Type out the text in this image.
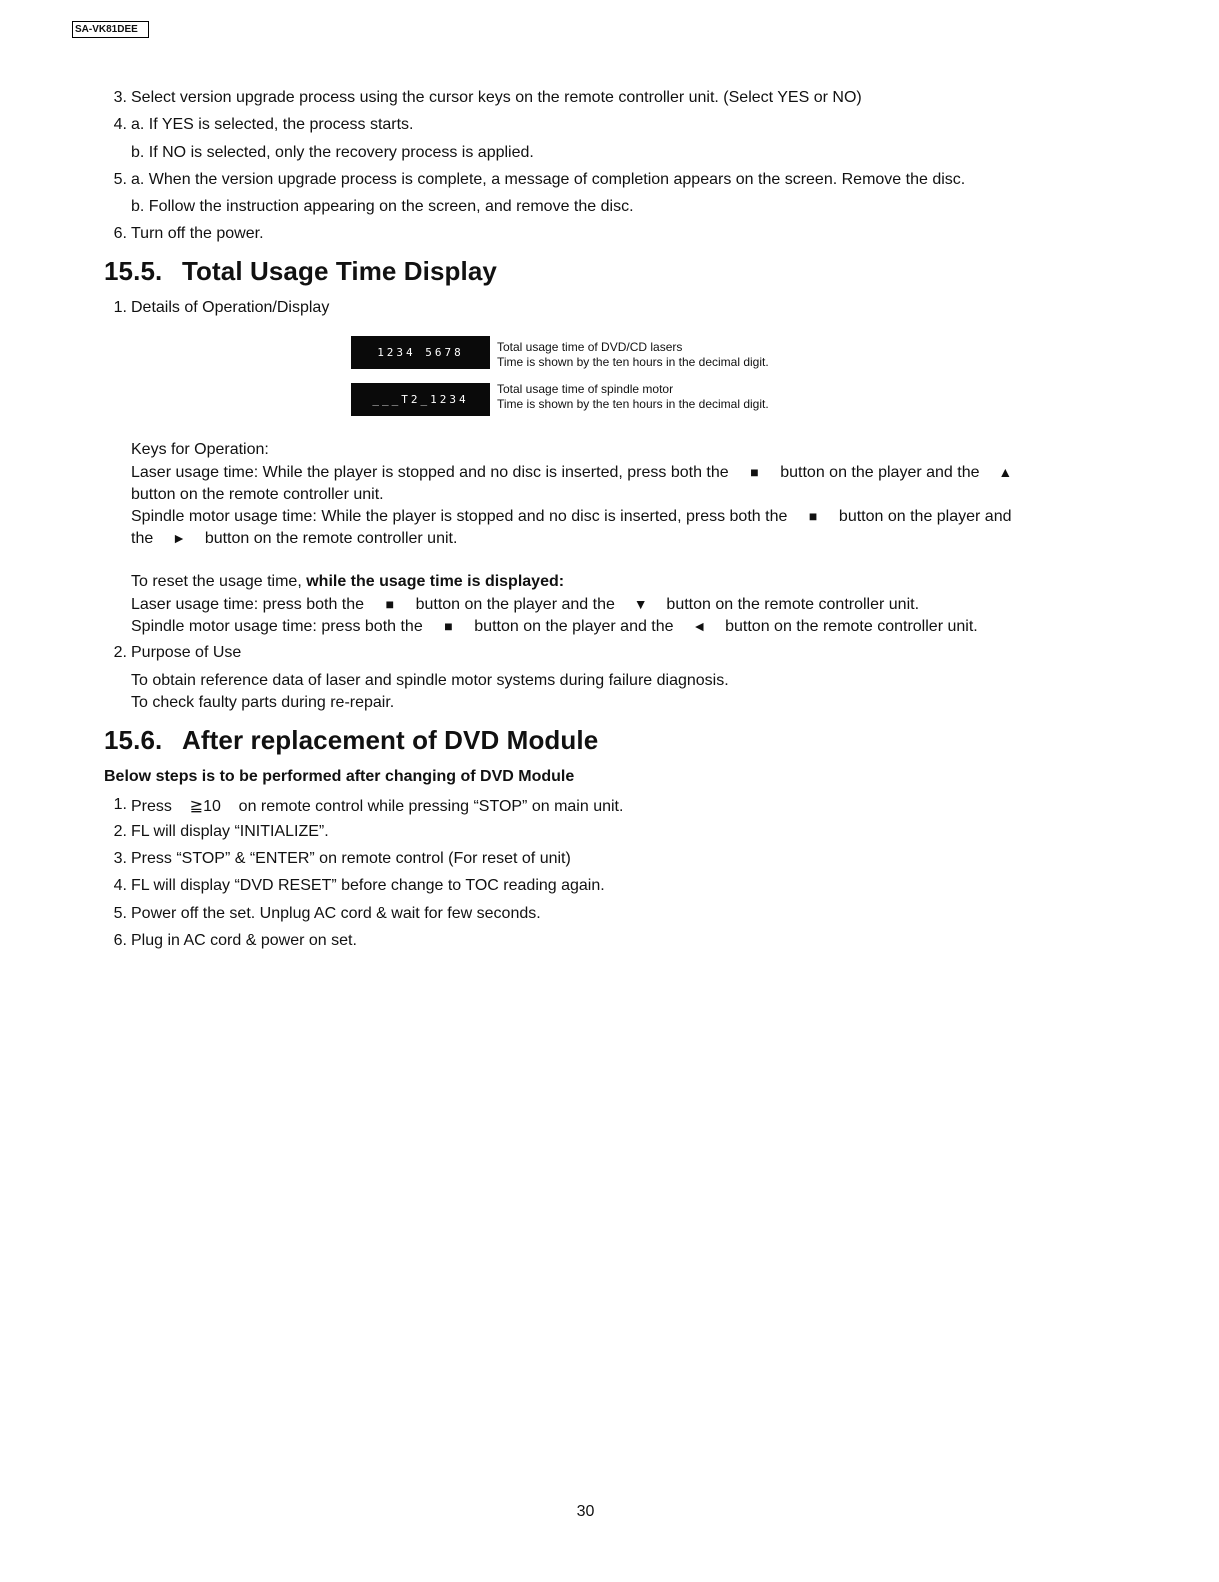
SA-VK81DEE
3. Select version upgrade process using the cursor keys on the remote controller unit. (Select YES or NO)
4. a. If YES is selected, the process starts.
b. If NO is selected, only the recovery process is applied.
5. a. When the version upgrade process is complete, a message of completion appears on the screen. Remove the disc.
b. Follow the instruction appearing on the screen, and remove the disc.
6. Turn off the power.
15.5. Total Usage Time Display
1. Details of Operation/Display
1234 5678	Total usage time of DVD/CD lasers
Time is shown by the ten hours in the decimal digit.
___T2_1234
Total usage time of spindle motor
Time is shown by the ten hours in the decimal digit.
Keys for Operation:
Laser usage time: While the player is stopped and no disc is inserted, press both the ■ button on the player and the ▲
button on the remote controller unit.
Spindle motor usage time: While the player is stopped and no disc is inserted, press both the ■ button on the player and
the ► button on the remote controller unit.
To reset the usage time, while the usage time is displayed:
Laser usage time: press both the ■ button on the player and the ▼ button on the remote controller unit.
Spindle motor usage time: press both the ■ button on the player and the ◄ button on the remote controller unit.
2. Purpose of Use
To obtain reference data of laser and spindle motor systems during failure diagnosis.
To check faulty parts during re-repair.
15.6. After replacement of DVD Module
Below steps is to be performed after changing of DVD Module
1. Press ≧10 on remote control while pressing “STOP” on main unit.
2. FL will display “INITIALIZE”.
3. Press “STOP” & “ENTER” on remote control (For reset of unit)
4. FL will display “DVD RESET” before change to TOC reading again.
5. Power off the set. Unplug AC cord & wait for few seconds.
6. Plug in AC cord & power on set.
30
